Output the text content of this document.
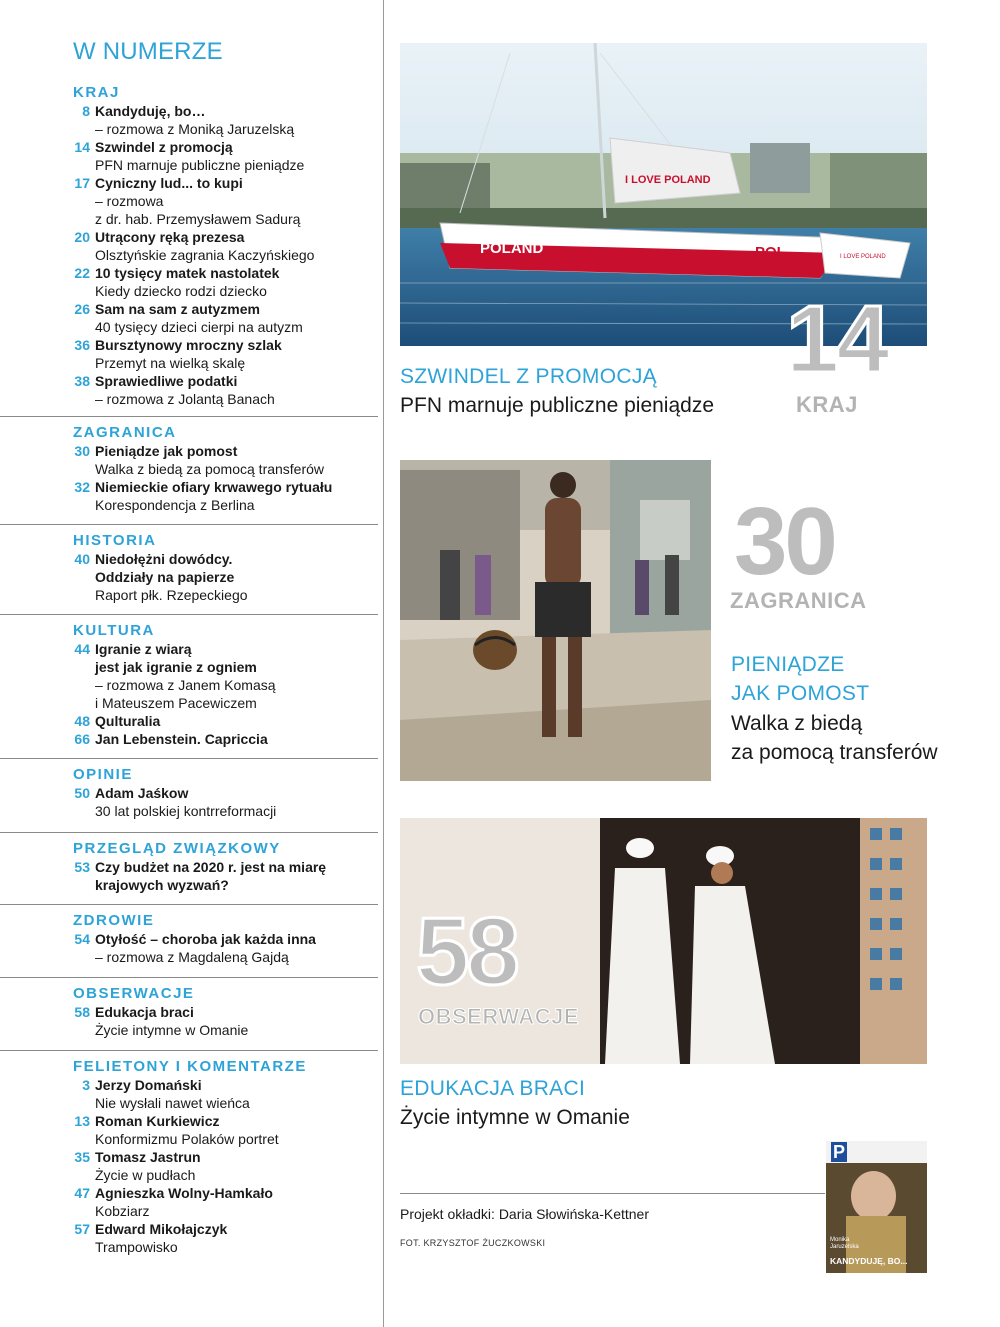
W NUMERZE
KRAJ
8 Kandyduję, bo…
– rozmowa z Moniką Jaruzelską
14 Szwindel z promocją
PFN marnuje publiczne pieniądze
17 Cyniczny lud... to kupi
– rozmowa
z dr. hab. Przemysławem Sadurą
20 Utrącony ręką prezesa
Olsztyńskie zagrania Kaczyńskiego
22 10 tysięcy matek nastolatek
Kiedy dziecko rodzi dziecko
26 Sam na sam z autyzmem
40 tysięcy dzieci cierpi na autyzm
36 Bursztynowy mroczny szlak
Przemyt na wielką skalę
38 Sprawiedliwe podatki
– rozmowa z Jolantą Banach
ZAGRANICA
30 Pieniądze jak pomost
Walka z biedą za pomocą transferów
32 Niemieckie ofiary krwawego rytuału
Korespondencja z Berlina
HISTORIA
40 Niedołężni dowódcy.
Oddziały na papierze
Raport płk. Rzepeckiego
KULTURA
44 Igranie z wiarą
jest jak igranie z ogniem
– rozmowa z Janem Komasą
i Mateuszem Pacewiczem
48 Qulturalia
66 Jan Lebenstein. Capriccia
OPINIE
50 Adam Jaśkow
30 lat polskiej kontrreformacji
PRZEGLĄD ZWIĄZKOWY
53 Czy budżet na 2020 r. jest na miarę
krajowych wyzwań?
ZDROWIE
54 Otyłość – choroba jak każda inna
– rozmowa z Magdaleną Gajdą
OBSERWACJE
58 Edukacja braci
Życie intymne w Omanie
FELIETONY I KOMENTARZE
3 Jerzy Domański
Nie wysłali nawet wieńca
13 Roman Kurkiewicz
Konformizmu Polaków portret
35 Tomasz Jastrun
Życie w pudłach
47 Agnieszka Wolny-Hamkało
Kobziarz
57 Edward Mikołajczyk
Trampowisko
I LOVE POLAND
POLAND	POL	I LOVE POLAND
14
KRAJ
SZWINDEL Z PROMOCJĄ
PFN marnuje publiczne pieniądze
30
ZAGRANICA
PIENIĄDZE
JAK POMOST
Walka z biedą
za pomocą transferów
58
OBSERWACJE
EDUKACJA BRACI
Życie intymne w Omanie
P
Monika
Jaruzelska
KANDYDUJĘ, BO...
Projekt okładki: Daria Słowińska-Kettner
FOT. KRZYSZTOF ŻUCZKOWSKI
